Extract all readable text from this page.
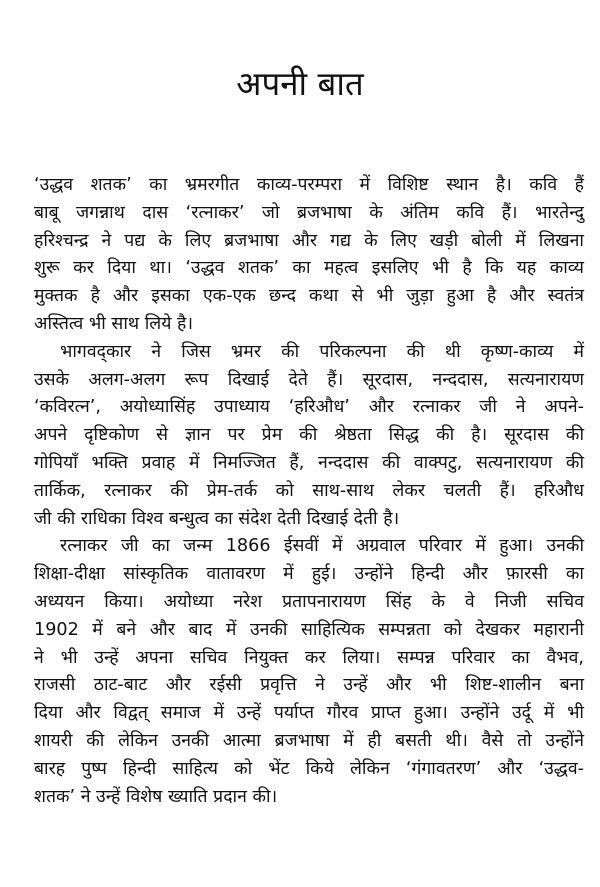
अपनी बात
‘उद्धव शतक’ का भ्रमरगीत काव्य-परम्परा में विशिष्ट स्थान है। कवि हैं
बाबू जगन्नाथ दास ‘रत्नाकर’ जो ब्रजभाषा के अंतिम कवि हैं। भारतेन्दु
हरिश्चन्द्र ने पद्य के लिए ब्रजभाषा और गद्य के लिए खड़ी बोली में लिखना
शुरू कर दिया था। ‘उद्धव शतक’ का महत्व इसलिए भी है कि यह काव्य
मुक्तक है और इसका एक-एक छन्द कथा से भी जुड़ा हुआ है और स्वतंत्र
अस्तित्व भी साथ लिये है।
भागवद्कार ने जिस भ्रमर की परिकल्पना की थी कृष्ण-काव्य में
उसके अलग-अलग रूप दिखाई देते हैं। सूरदास, नन्ददास, सत्यनारायण
‘कविरत्न’, अयोध्यासिंह उपाध्याय ‘हरिऔध’ और रत्नाकर जी ने अपने-
अपने दृष्टिकोण से ज्ञान पर प्रेम की श्रेष्ठता सिद्ध की है। सूरदास की
गोपियाँ भक्ति प्रवाह में निमज्जित हैं, नन्ददास की वाक्पटु, सत्यनारायण की
तार्किक, रत्नाकर की प्रेम-तर्क को साथ-साथ लेकर चलती हैं। हरिऔध
जी की राधिका विश्व बन्धुत्व का संदेश देती दिखाई देती है।
रत्नाकर जी का जन्म 1866 ईसवीं में अग्रवाल परिवार में हुआ। उनकी
शिक्षा-दीक्षा सांस्कृतिक वातावरण में हुई। उन्होंने हिन्दी और फ़ारसी का
अध्ययन किया। अयोध्या नरेश प्रतापनारायण सिंह के वे निजी सचिव
1902 में बने और बाद में उनकी साहित्यिक सम्पन्नता को देखकर महारानी
ने भी उन्हें अपना सचिव नियुक्त कर लिया। सम्पन्न परिवार का वैभव,
राजसी ठाट-बाट और रईसी प्रवृत्ति ने उन्हें और भी शिष्ट-शालीन बना
दिया और विद्वत् समाज में उन्हें पर्याप्त गौरव प्राप्त हुआ। उन्होंने उर्दू में भी
शायरी की लेकिन उनकी आत्मा ब्रजभाषा में ही बसती थी। वैसे तो उन्होंने
बारह पुष्प हिन्दी साहित्य को भेंट किये लेकिन ‘गंगावतरण’ और ‘उद्धव-
शतक’ ने उन्हें विशेष ख्याति प्रदान की।
